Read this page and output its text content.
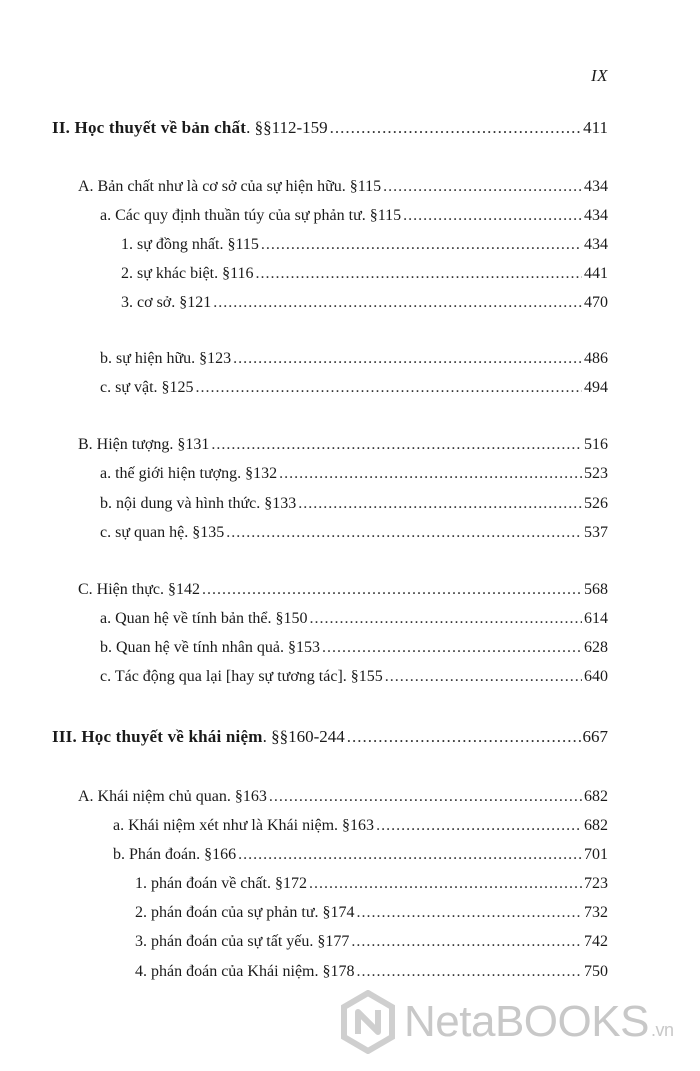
IX
II. Học thuyết về bản chất. §§112-159 .....	411
A. Bản chất như là cơ sở của sự hiện hữu. §115 .....	434
a. Các quy định thuần túy của sự phản tư. §115 .....	434
1. sự đồng nhất. §115 .....	434
2. sự khác biệt. §116 .....	441
3. cơ sở. §121 .....	470
b. sự hiện hữu. §123 .....	486
c. sự vật. §125 .....	494
B. Hiện tượng. §131 .....	516
a. thế giới hiện tượng. §132 .....	523
b. nội dung và hình thức. §133 .....	526
c. sự quan hệ. §135 .....	537
C. Hiện thực. §142 .....	568
a. Quan hệ về tính bản thể. §150 .....	614
b. Quan hệ về tính nhân quả. §153 .....	628
c. Tác động qua lại [hay sự tương tác]. §155 .....	640
III. Học thuyết về khái niệm. §§160-244 .....	667
A. Khái niệm chủ quan. §163 .....	682
a. Khái niệm xét như là Khái niệm. §163 .....	682
b. Phán đoán. §166 .....	701
1. phán đoán về chất. §172 .....	723
2. phán đoán của sự phản tư. §174 .....	732
3. phán đoán của sự tất yếu. §177 .....	742
4. phán đoán của Khái niệm. §178 .....	750
NetaBOOKS .vn
